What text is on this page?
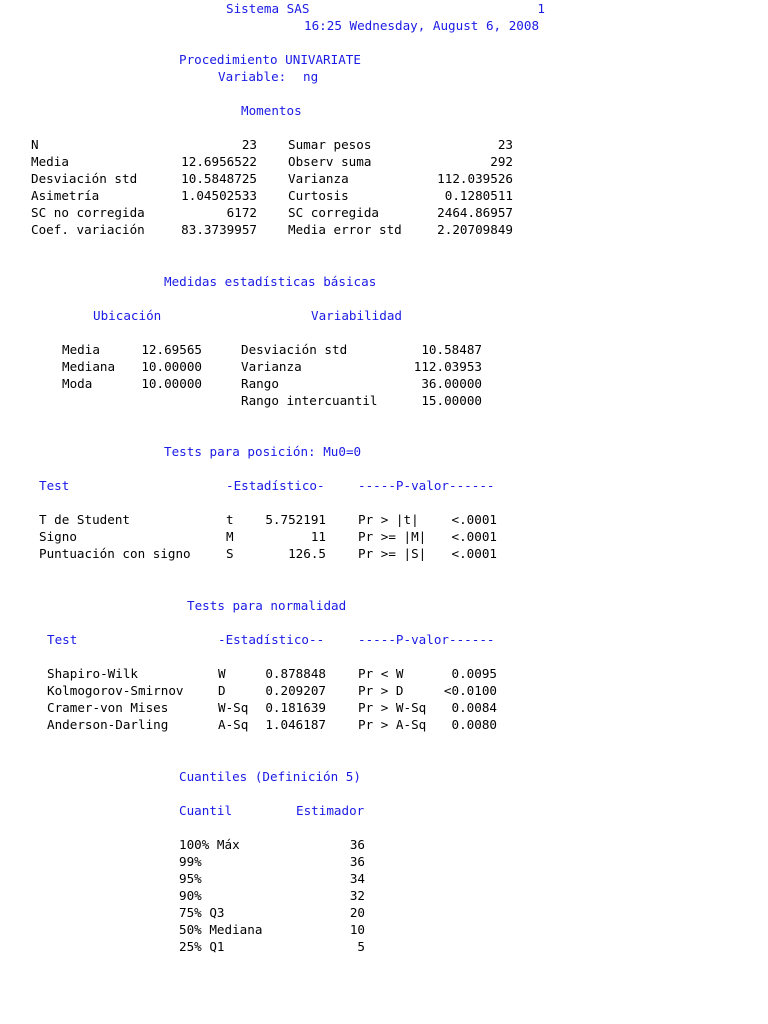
Sistema SAS	1
16:25 Wednesday, August 6, 2008
Procedimiento UNIVARIATE
Variable: ng
Momentos
N	23 Sumar pesos	23
Media	12.6956522 Observ suma	292
Desviación std	10.5848725 Varianza	112.039526
Asimetría	1.04502533 Curtosis	0.1280511
SC no corregida	6172 SC corregida	2464.86957
Coef. variación	83.3739957 Media error std	2.20709849
Medidas estadísticas básicas
Ubicación	Variabilidad
Media	12.69565	Desviación std	10.58487
Mediana	10.00000	Varianza	112.03953
Moda	10.00000	Rango	36.00000
Rango intercuantil	15.00000
Tests para posición: Mu0=0
Test	-Estadístico-	-----P-valor------
T de Student	t	5.752191	Pr > |t|	<.0001
Signo	M	11	Pr >= |M|	<.0001
Puntuación con signo	S	126.5	Pr >= |S|	<.0001
Tests para normalidad
Test	-Estadístico--	-----P-valor------
Shapiro-Wilk	W	0.878848	Pr < W	0.0095
Kolmogorov-Smirnov	D	0.209207	Pr > D	<0.0100
Cramer-von Mises	W-Sq	0.181639	Pr > W-Sq	0.0084
Anderson-Darling	A-Sq	1.046187	Pr > A-Sq	0.0080
Cuantiles (Definición 5)
Cuantil	Estimador
100% Máx	36
99%	36
95%	34
90%	32
75% Q3	20
50% Mediana	10
25% Q1	5
